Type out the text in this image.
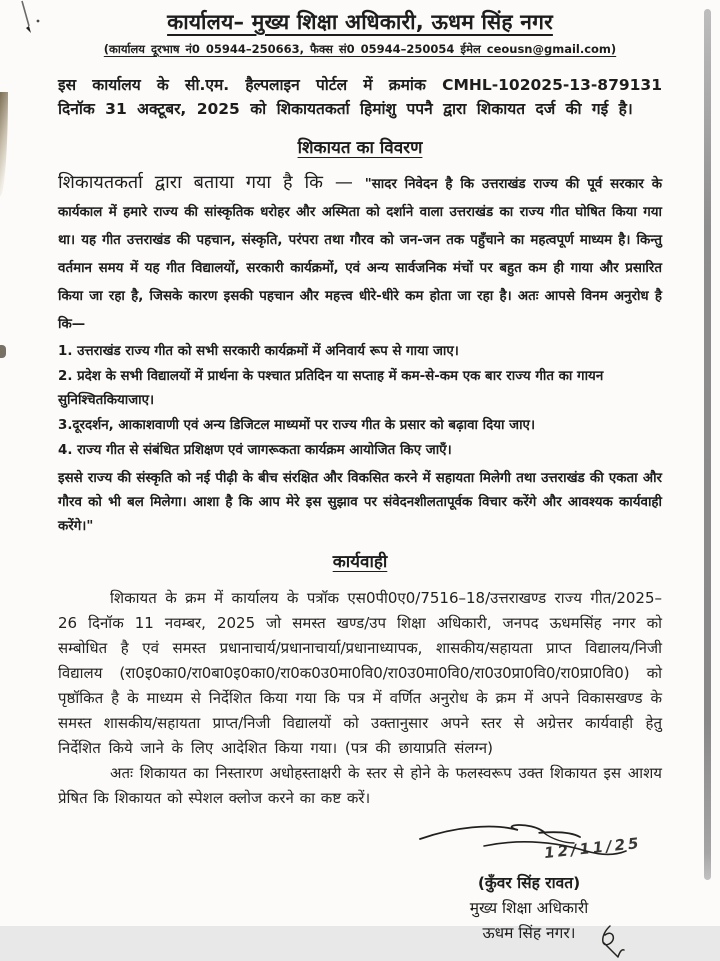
कार्यालय– मुख्य शिक्षा अधिकारी, ऊधम सिंह नगर
(कार्यालय दूरभाष नं0 05944–250663, फैक्स सं0 05944–250054 ईमेल ceousn@gmail.com)

इस कार्यालय के सी.एम. हैल्पलाइन पोर्टल में क्रमांक CMHL-102025-13-879131 दिनॉक 31 अक्टूबर, 2025 को शिकायतकर्ता हिमांशु पपनै द्वारा शिकायत दर्ज की गई है।

शिकायत का विवरण

शिकायतकर्ता द्वारा बताया गया है कि — "सादर निवेदन है कि उत्तराखंड राज्य की पूर्व सरकार के कार्यकाल में हमारे राज्य की सांस्कृतिक धरोहर और अस्मिता को दर्शाने वाला उत्तराखंड का राज्य गीत घोषित किया गया था। यह गीत उत्तराखंड की पहचान, संस्कृति, परंपरा तथा गौरव को जन-जन तक पहुँचाने का महत्वपूर्ण माध्यम है। किन्तु वर्तमान समय में यह गीत विद्यालयों, सरकारी कार्यक्रमों, एवं अन्य सार्वजनिक मंचों पर बहुत कम ही गाया और प्रसारित किया जा रहा है, जिसके कारण इसकी पहचान और महत्त्व धीरे-धीरे कम होता जा रहा है। अतः आपसे विनम अनुरोध है कि—

1. उत्तराखंड राज्य गीत को सभी सरकारी कार्यक्रमों में अनिवार्य रूप से गाया जाए।
2. प्रदेश के सभी विद्यालयों में प्रार्थना के पश्चात प्रतिदिन या सप्ताह में कम-से-कम एक बार राज्य गीत का गायन सुनिश्चितकियाजाए।
3.दूरदर्शन, आकाशवाणी एवं अन्य डिजिटल माध्यमों पर राज्य गीत के प्रसार को बढ़ावा दिया जाए।
4. राज्य गीत से संबंधित प्रशिक्षण एवं जागरूकता कार्यक्रम आयोजित किए जाएँ।

इससे राज्य की संस्कृति को नई पीढ़ी के बीच संरक्षित और विकसित करने में सहायता मिलेगी तथा उत्तराखंड की एकता और गौरव को भी बल मिलेगा। आशा है कि आप मेरे इस सुझाव पर संवेदनशीलतापूर्वक विचार करेंगे और आवश्यक कार्यवाही करेंगे।"

कार्यवाही

शिकायत के क्रम में कार्यालय के पत्रॉक एस0पी0ए0/7516–18/उत्तराखण्ड राज्य गीत/2025–26 दिनॉक 11 नवम्बर, 2025 जो समस्त खण्ड/उप शिक्षा अधिकारी, जनपद ऊधमसिंह नगर को सम्बोधित है एवं समस्त प्रधानाचार्य/प्रधानाचार्या/प्रधानाध्यापक, शासकीय/सहायता प्राप्त विद्यालय/निजी विद्यालय (रा0इ0का0/रा0बा0इ0का0/रा0क0उ0मा0वि0/रा0उ0मा0वि0/रा0उ0प्रा0वि0/रा0प्रा0वि0) को पृष्ठॉकित है के माध्यम से निर्देशित किया गया कि पत्र में वर्णित अनुरोध के क्रम में अपने विकासखण्ड के समस्त शासकीय/सहायता प्राप्त/निजी विद्यालयों को उक्तानुसार अपने स्तर से अग्रेत्तर कार्यवाही हेतु निर्देशित किये जाने के लिए आदेशित किया गया। (पत्र की छायाप्रति संलग्न)

अतः शिकायत का निस्तारण अधोहस्ताक्षरी के स्तर से होने के फलस्वरूप उक्त शिकायत इस आशय प्रेषित कि शिकायत को स्पेशल क्लोज करने का कष्ट करें।

12/11/25
(कुँवर सिंह रावत)
मुख्य शिक्षा अधिकारी
ऊधम सिंह नगर।
